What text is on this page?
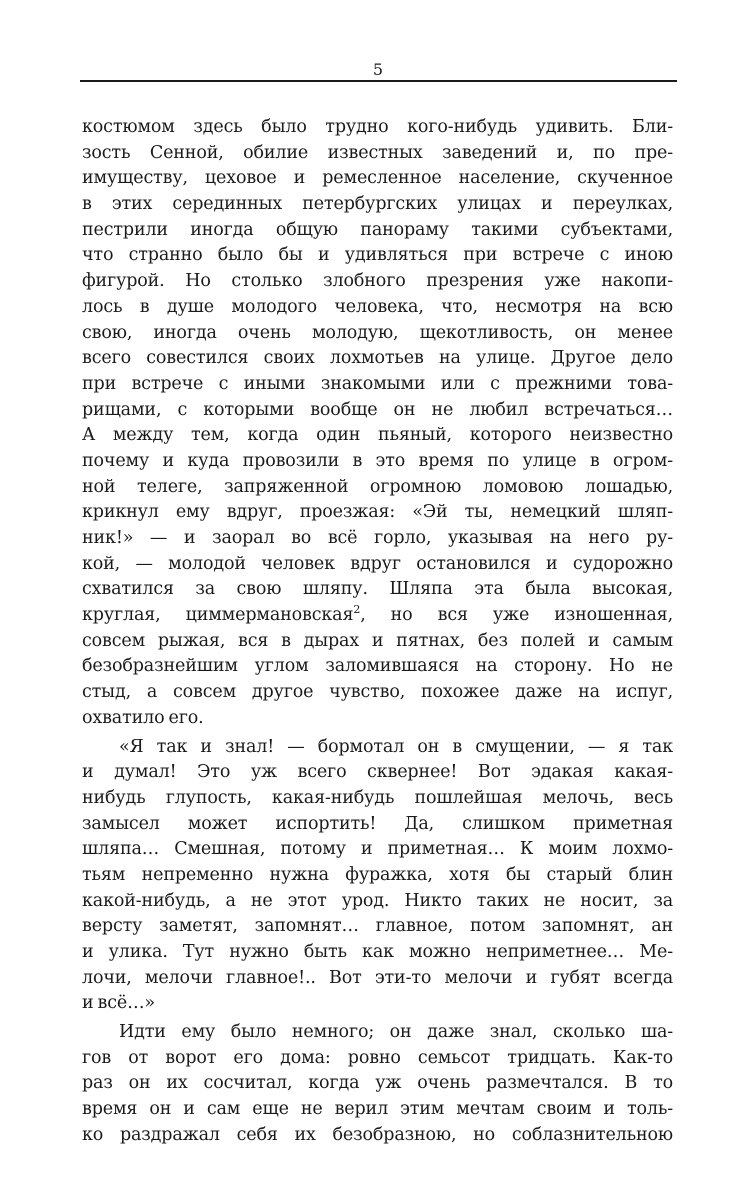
5
костюмом здесь было трудно кого-нибудь удивить. Бли-
зость Сенной, обилие известных заведений и, по пре-
имуществу, цеховое и ремесленное население, скученное
в этих серединных петербургских улицах и переулках,
пестрили иногда общую панораму такими субъектами,
что странно было бы и удивляться при встрече с иною
фигурой. Но столько злобного презрения уже накопи-
лось в душе молодого человека, что, несмотря на всю
свою, иногда очень молодую, щекотливость, он менее
всего совестился своих лохмотьев на улице. Другое дело
при встрече с иными знакомыми или с прежними това-
рищами, с которыми вообще он не любил встречаться…
А между тем, когда один пьяный, которого неизвестно
почему и куда провозили в это время по улице в огром-
ной телеге, запряженной огромною ломовою лошадью,
крикнул ему вдруг, проезжая: «Эй ты, немецкий шляп-
ник!» — и заорал во всё горло, указывая на него ру-
кой, — молодой человек вдруг остановился и судорожно
схватился за свою шляпу. Шляпа эта была высокая,
круглая, циммермановская$^2$, но вся уже изношенная,
совсем рыжая, вся в дырах и пятнах, без полей и самым
безобразнейшим углом заломившаяся на сторону. Но не
стыд, а совсем другое чувство, похожее даже на испуг,
охватило его.
«Я так и знал! — бормотал он в смущении, — я так
и думал! Это уж всего сквернее! Вот эдакая какая-
нибудь глупость, какая-нибудь пошлейшая мелочь, весь
замысел может испортить! Да, слишком приметная
шляпа… Смешная, потому и приметная… К моим лохмо-
тьям непременно нужна фуражка, хотя бы старый блин
какой-нибудь, а не этот урод. Никто таких не носит, за
версту заметят, запомнят… главное, потом запомнят, ан
и улика. Тут нужно быть как можно неприметнее… Ме-
лочи, мелочи главное!.. Вот эти-то мелочи и губят всегда
и всё…»
Идти ему было немного; он даже знал, сколько ша-
гов от ворот его дома: ровно семьсот тридцать. Как-то
раз он их сосчитал, когда уж очень размечтался. В то
время он и сам еще не верил этим мечтам своим и толь-
ко раздражал себя их безобразною, но соблазнительною
